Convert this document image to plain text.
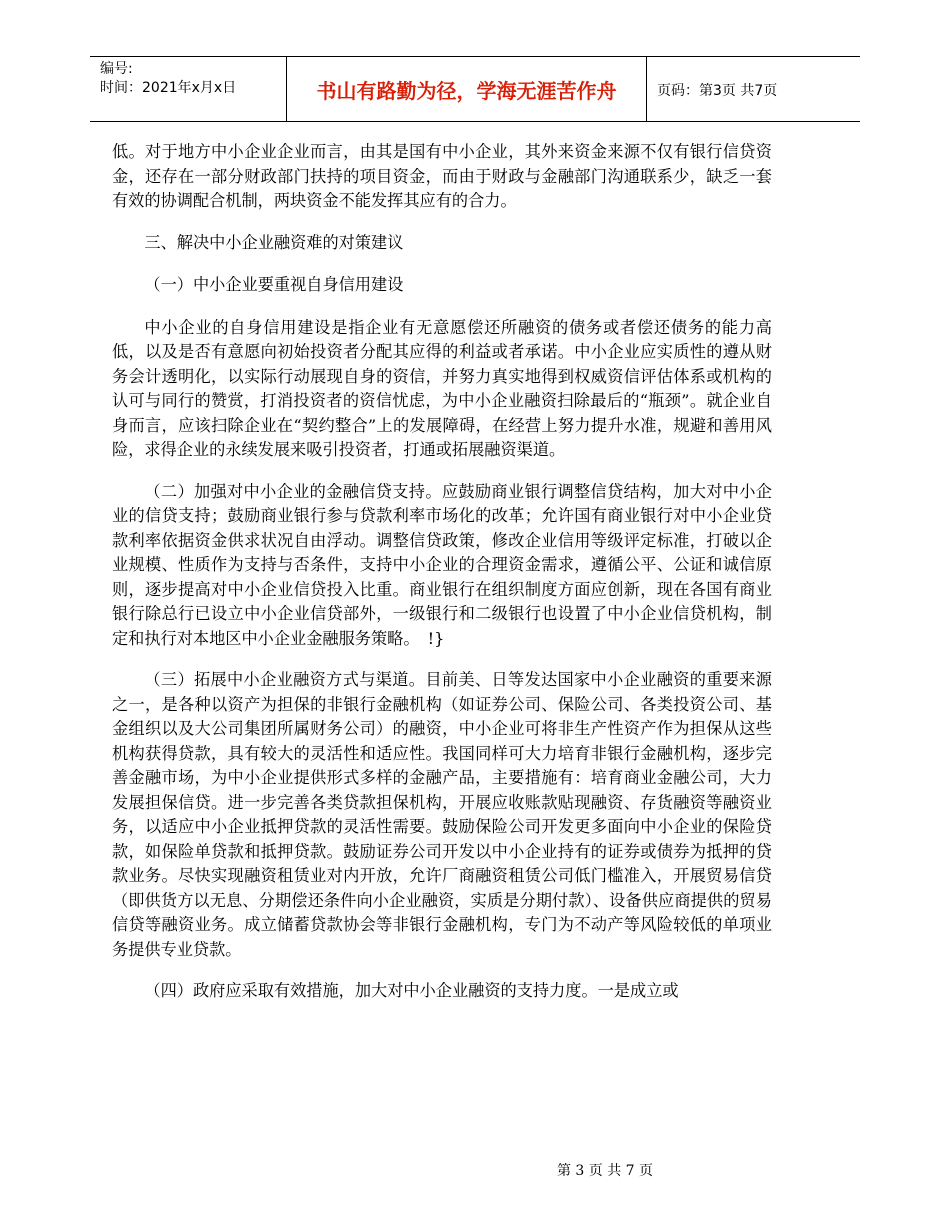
编号:
时间：2021年x月x日	书山有路勤为径，学海无涯苦作舟	页码：第3页 共7页

低。对于地方中小企业企业而言，由其是国有中小企业，其外来资金来源不仅有银行信贷资金，还存在一部分财政部门扶持的项目资金，而由于财政与金融部门沟通联系少，缺乏一套有效的协调配合机制，两块资金不能发挥其应有的合力。

三、解决中小企业融资难的对策建议

（一）中小企业要重视自身信用建设

中小企业的自身信用建设是指企业有无意愿偿还所融资的债务或者偿还债务的能力高低，以及是否有意愿向初始投资者分配其应得的利益或者承诺。中小企业应实质性的遵从财务会计透明化，以实际行动展现自身的资信，并努力真实地得到权威资信评估体系或机构的认可与同行的赞赏，打消投资者的资信忧虑，为中小企业融资扫除最后的“瓶颈”。就企业自身而言，应该扫除企业在“契约整合”上的发展障碍，在经营上努力提升水准，规避和善用风险，求得企业的永续发展来吸引投资者，打通或拓展融资渠道。

（二）加强对中小企业的金融信贷支持。应鼓励商业银行调整信贷结构，加大对中小企业的信贷支持；鼓励商业银行参与贷款利率市场化的改革；允许国有商业银行对中小企业贷款利率依据资金供求状况自由浮动。调整信贷政策，修改企业信用等级评定标准，打破以企业规模、性质作为支持与否条件，支持中小企业的合理资金需求，遵循公平、公证和诚信原则，逐步提高对中小企业信贷投入比重。商业银行在组织制度方面应创新，现在各国有商业银行除总行已设立中小企业信贷部外，一级银行和二级银行也设置了中小企业信贷机构，制定和执行对本地区中小企业金融服务策略。　!}

（三）拓展中小企业融资方式与渠道。目前美、日等发达国家中小企业融资的重要来源之一，是各种以资产为担保的非银行金融机构（如证券公司、保险公司、各类投资公司、基金组织以及大公司集团所属财务公司）的融资，中小企业可将非生产性资产作为担保从这些机构获得贷款，具有较大的灵活性和适应性。我国同样可大力培育非银行金融机构，逐步完善金融市场，为中小企业提供形式多样的金融产品，主要措施有：培育商业金融公司，大力发展担保信贷。进一步完善各类贷款担保机构，开展应收账款贴现融资、存货融资等融资业务，以适应中小企业抵押贷款的灵活性需要。鼓励保险公司开发更多面向中小企业的保险贷款，如保险单贷款和抵押贷款。鼓励证券公司开发以中小企业持有的证券或债券为抵押的贷款业务。尽快实现融资租赁业对内开放，允许厂商融资租赁公司低门槛准入，开展贸易信贷（即供货方以无息、分期偿还条件向小企业融资，实质是分期付款）、设备供应商提供的贸易信贷等融资业务。成立储蓄贷款协会等非银行金融机构，专门为不动产等风险较低的单项业务提供专业贷款。

（四）政府应采取有效措施，加大对中小企业融资的支持力度。一是成立或

第 3 页 共 7 页
